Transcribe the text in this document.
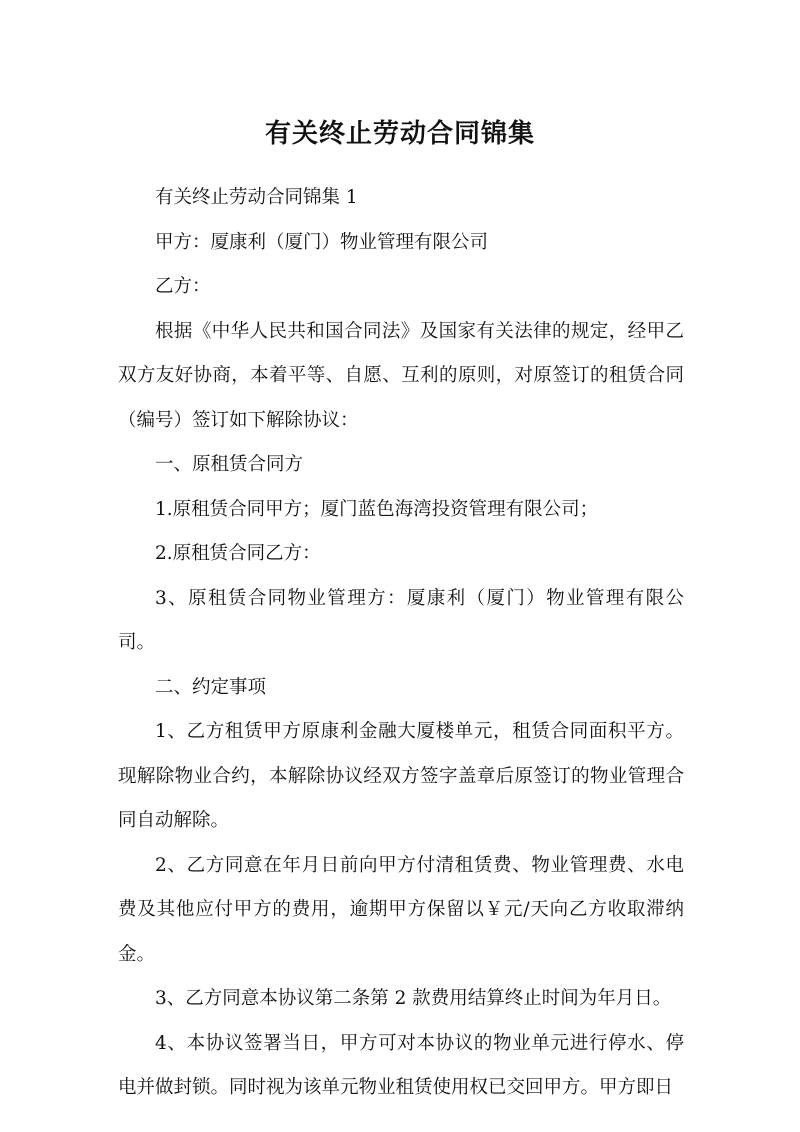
有关终止劳动合同锦集

有关终止劳动合同锦集 1

甲方：厦康利（厦门）物业管理有限公司

乙方：

根据《中华人民共和国合同法》及国家有关法律的规定，经甲乙双方友好协商，本着平等、自愿、互利的原则，对原签订的租赁合同（编号）签订如下解除协议：

一、原租赁合同方

1.原租赁合同甲方；厦门蓝色海湾投资管理有限公司；

2.原租赁合同乙方：

3、原租赁合同物业管理方：厦康利（厦门）物业管理有限公司。

二、约定事项

1、乙方租赁甲方原康利金融大厦楼单元，租赁合同面积平方。现解除物业合约，本解除协议经双方签字盖章后原签订的物业管理合同自动解除。

2、乙方同意在年月日前向甲方付清租赁费、物业管理费、水电费及其他应付甲方的费用，逾期甲方保留以￥元/天向乙方收取滞纳金。

3、乙方同意本协议第二条第 2 款费用结算终止时间为年月日。

4、本协议签署当日，甲方可对本协议的物业单元进行停水、停电并做封锁。同时视为该单元物业租赁使用权已交回甲方。甲方即日
